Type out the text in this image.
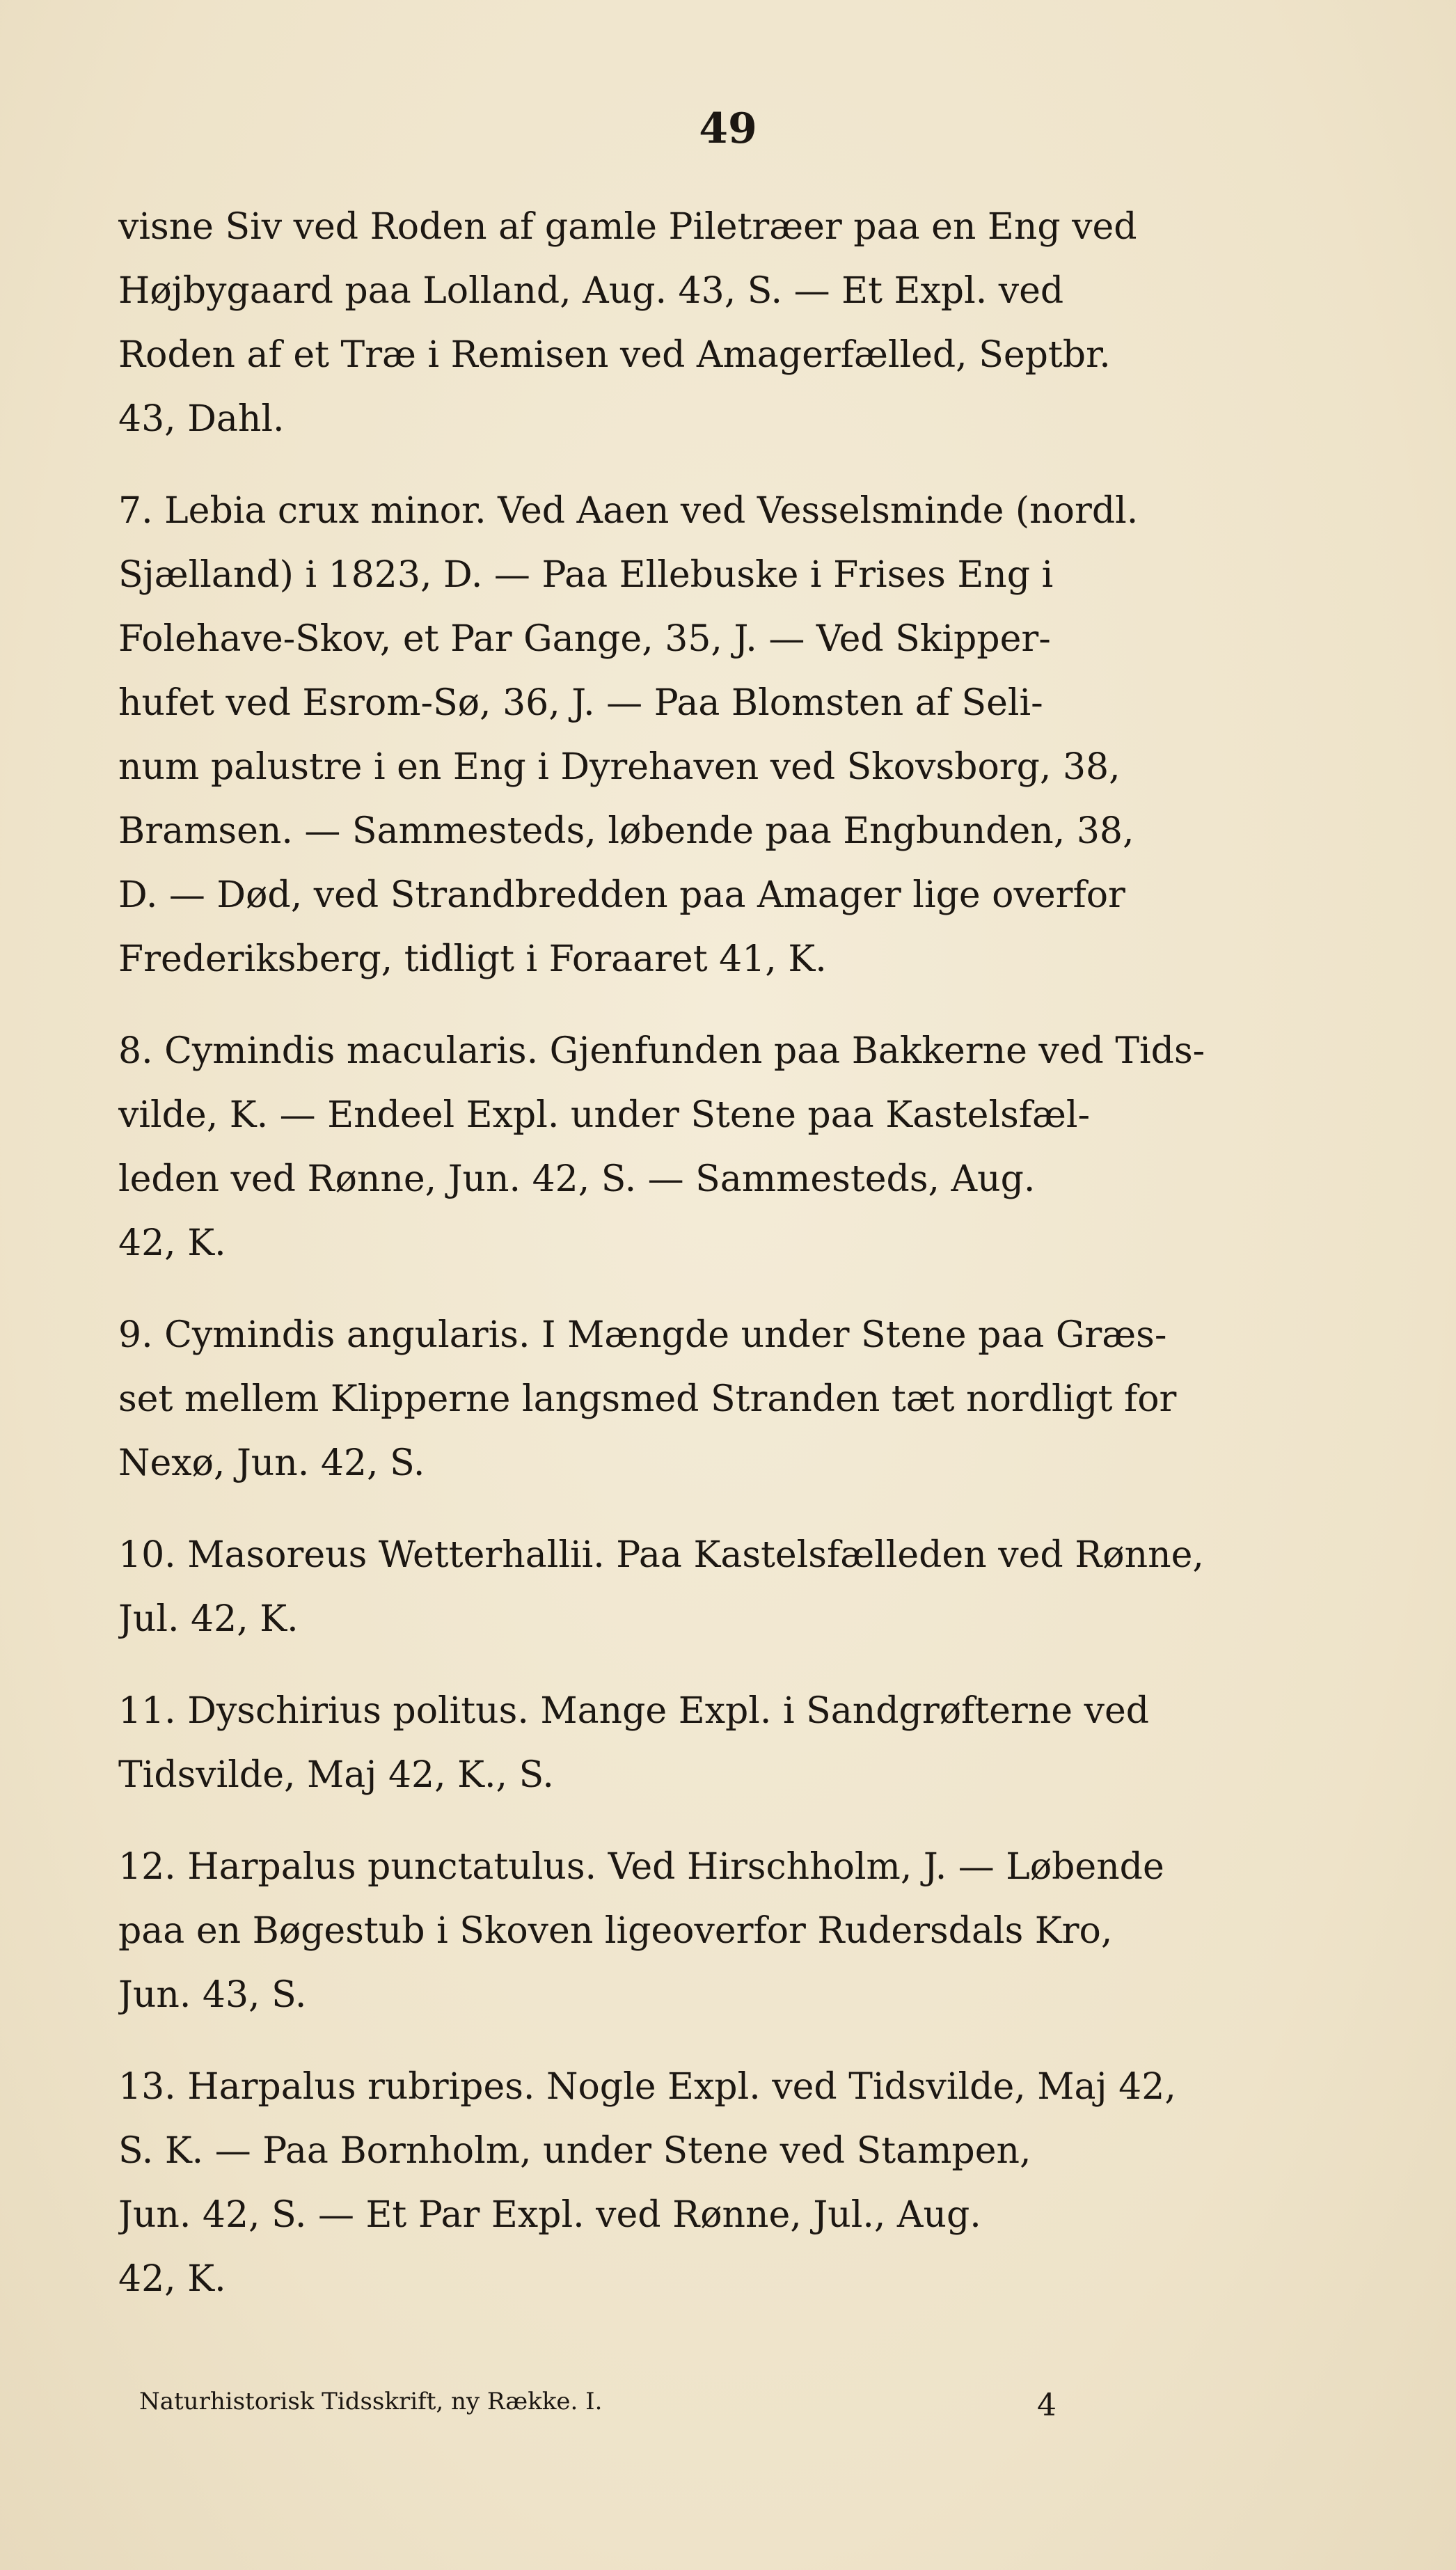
49
visne Siv ved Roden af gamle Piletræer paa en Eng ved
Højbygaard paa Lolland, Aug. 43, S. — Et Expl. ved
Roden af et Træ i Remisen ved Amagerfælled, Septbr.
43, Dahl.
7. Lebia crux minor. Ved Aaen ved Vesselsminde (nordl.
Sjælland) i 1823, D. — Paa Ellebuske i Frises Eng i
Folehave-Skov, et Par Gange, 35, J. — Ved Skipper-
hufet ved Esrom-Sø, 36, J. — Paa Blomsten af Seli-
num palustre i en Eng i Dyrehaven ved Skovsborg, 38,
Bramsen. — Sammesteds, løbende paa Engbunden, 38,
D. — Død, ved Strandbredden paa Amager lige overfor
Frederiksberg, tidligt i Foraaret 41, K.
8. Cymindis macularis. Gjenfunden paa Bakkerne ved Tids-
vilde, K. — Endeel Expl. under Stene paa Kastelsfæl-
leden ved Rønne, Jun. 42, S. — Sammesteds, Aug.
42, K.
9. Cymindis angularis. I Mængde under Stene paa Græs-
set mellem Klipperne langsmed Stranden tæt nordligt for
Nexø, Jun. 42, S.
10. Masoreus Wetterhallii. Paa Kastelsfælleden ved Rønne,
Jul. 42, K.
11. Dyschirius politus. Mange Expl. i Sandgrøfterne ved
Tidsvilde, Maj 42, K., S.
12. Harpalus punctatulus. Ved Hirschholm, J. — Løbende
paa en Bøgestub i Skoven ligeoverfor Rudersdals Kro,
Jun. 43, S.
13. Harpalus rubripes. Nogle Expl. ved Tidsvilde, Maj 42,
S. K. — Paa Bornholm, under Stene ved Stampen,
Jun. 42, S. — Et Par Expl. ved Rønne, Jul., Aug.
42, K.
Naturhistorisk Tidsskrift, ny Række. I.	4
